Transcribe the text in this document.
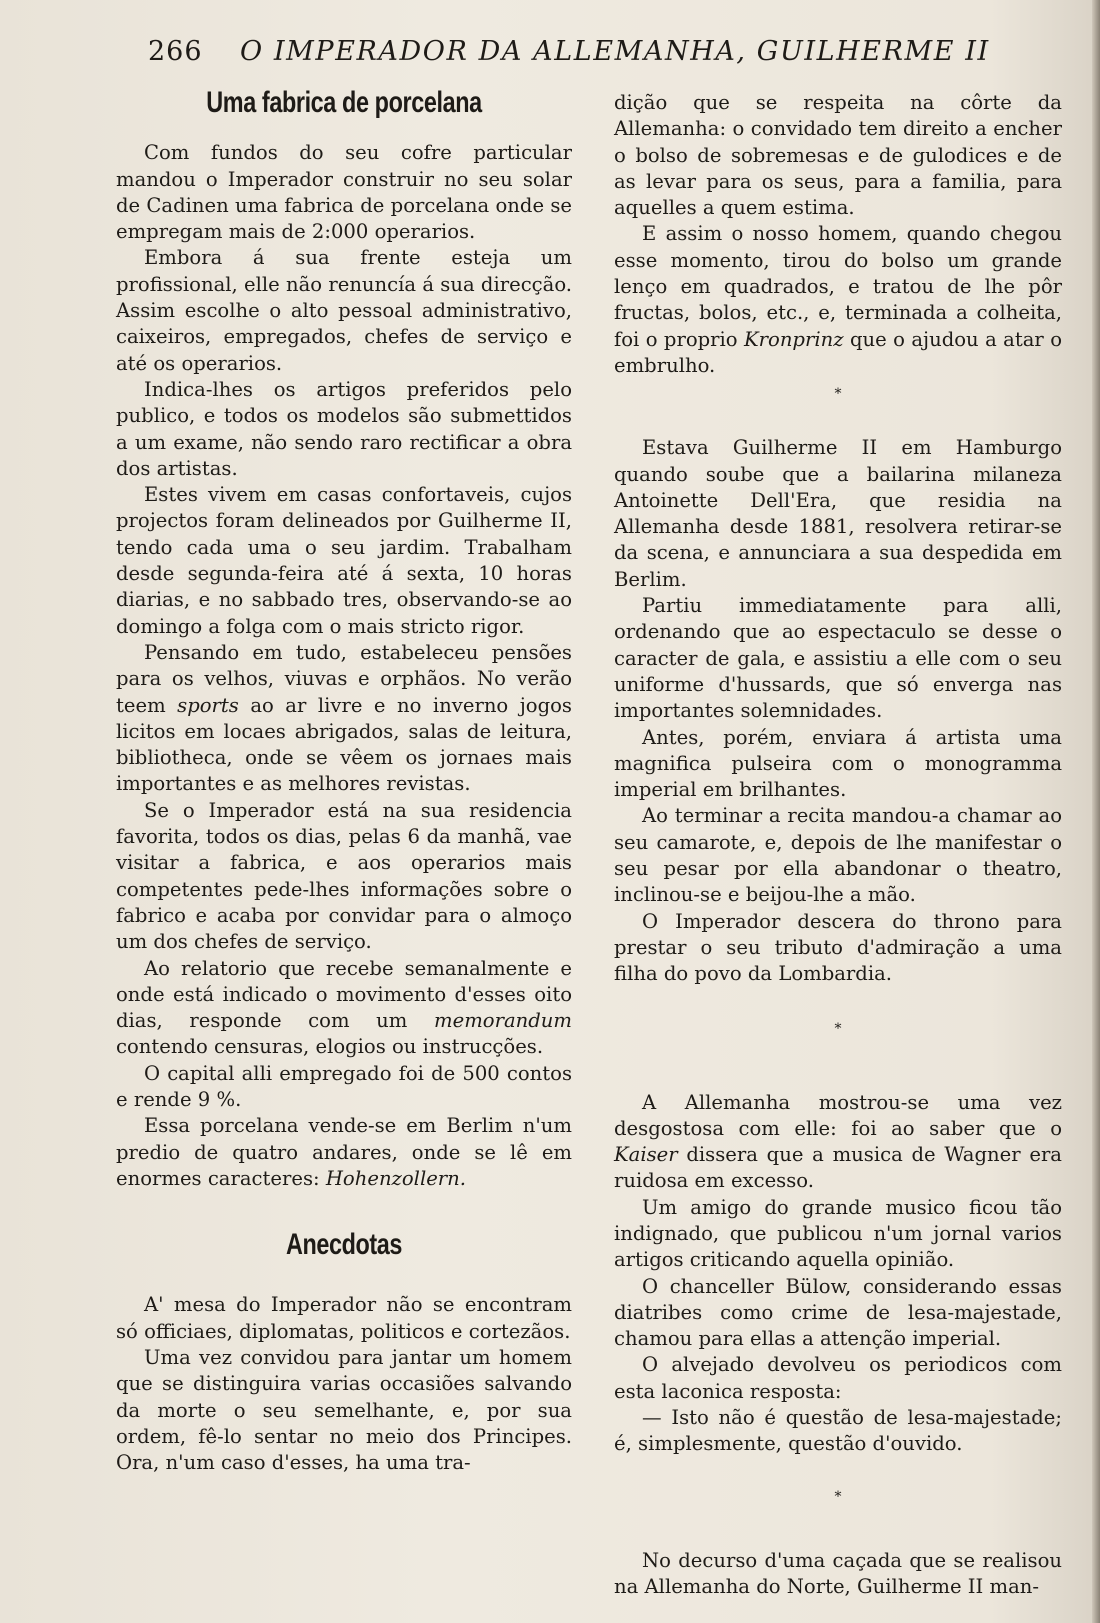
266 O IMPERADOR DA ALLEMANHA, GUILHERME II
Uma fabrica de porcelana

Com fundos do seu cofre particular mandou o Imperador construir no seu solar de Cadinen uma fabrica de porcelana onde se empregam mais de 2:000 operarios.

Embora á sua frente esteja um profissional, elle não renuncía á sua direcção. Assim escolhe o alto pessoal administrativo, caixeiros, empregados, chefes de serviço e até os operarios.

Indica-lhes os artigos preferidos pelo publico, e todos os modelos são submettidos a um exame, não sendo raro rectificar a obra dos artistas.

Estes vivem em casas confortaveis, cujos projectos foram delineados por Guilherme II, tendo cada uma o seu jardim. Trabalham desde segunda-feira até á sexta, 10 horas diarias, e no sabbado tres, observando-se ao domingo a folga com o mais stricto rigor.

Pensando em tudo, estabeleceu pensões para os velhos, viuvas e orphãos. No verão teem sports ao ar livre e no inverno jogos licitos em locaes abrigados, salas de leitura, bibliotheca, onde se vêem os jornaes mais importantes e as melhores revistas.

Se o Imperador está na sua residencia favorita, todos os dias, pelas 6 da manhã, vae visitar a fabrica, e aos operarios mais competentes pede-lhes informações sobre o fabrico e acaba por convidar para o almoço um dos chefes de serviço.

Ao relatorio que recebe semanalmente e onde está indicado o movimento d'esses oito dias, responde com um memorandum contendo censuras, elogios ou instrucções.

O capital alli empregado foi de 500 contos e rende 9 %.

Essa porcelana vende-se em Berlim n'um predio de quatro andares, onde se lê em enormes caracteres: Hohenzollern.

Anecdotas

A' mesa do Imperador não se encontram só officiaes, diplomatas, politicos e cortezãos.

Uma vez convidou para jantar um homem que se distinguira varias occasiões salvando da morte o seu semelhante, e, por sua ordem, fê-lo sentar no meio dos Principes. Ora, n'um caso d'esses, ha uma tra-

dição que se respeita na côrte da Allemanha: o convidado tem direito a encher o bolso de sobremesas e de gulodices e de as levar para os seus, para a familia, para aquelles a quem estima.

E assim o nosso homem, quando chegou esse momento, tirou do bolso um grande lenço em quadrados, e tratou de lhe pôr fructas, bolos, etc., e, terminada a colheita, foi o proprio Kronprinz que o ajudou a atar o embrulho.

*

Estava Guilherme II em Hamburgo quando soube que a bailarina milaneza Antoinette Dell'Era, que residia na Allemanha desde 1881, resolvera retirar-se da scena, e annunciara a sua despedida em Berlim.

Partiu immediatamente para alli, ordenando que ao espectaculo se desse o caracter de gala, e assistiu a elle com o seu uniforme d'hussards, que só enverga nas importantes solemnidades.

Antes, porém, enviara á artista uma magnifica pulseira com o monogramma imperial em brilhantes.

Ao terminar a recita mandou-a chamar ao seu camarote, e, depois de lhe manifestar o seu pesar por ella abandonar o theatro, inclinou-se e beijou-lhe a mão.

O Imperador descera do throno para prestar o seu tributo d'admiração a uma filha do povo da Lombardia.

*

A Allemanha mostrou-se uma vez desgostosa com elle: foi ao saber que o Kaiser dissera que a musica de Wagner era ruidosa em excesso.

Um amigo do grande musico ficou tão indignado, que publicou n'um jornal varios artigos criticando aquella opinião.

O chanceller Bülow, considerando essas diatribes como crime de lesa-majestade, chamou para ellas a attenção imperial.

O alvejado devolveu os periodicos com esta laconica resposta:

— Isto não é questão de lesa-majestade; é, simplesmente, questão d'ouvido.

*

No decurso d'uma caçada que se realisou na Allemanha do Norte, Guilherme II man-
